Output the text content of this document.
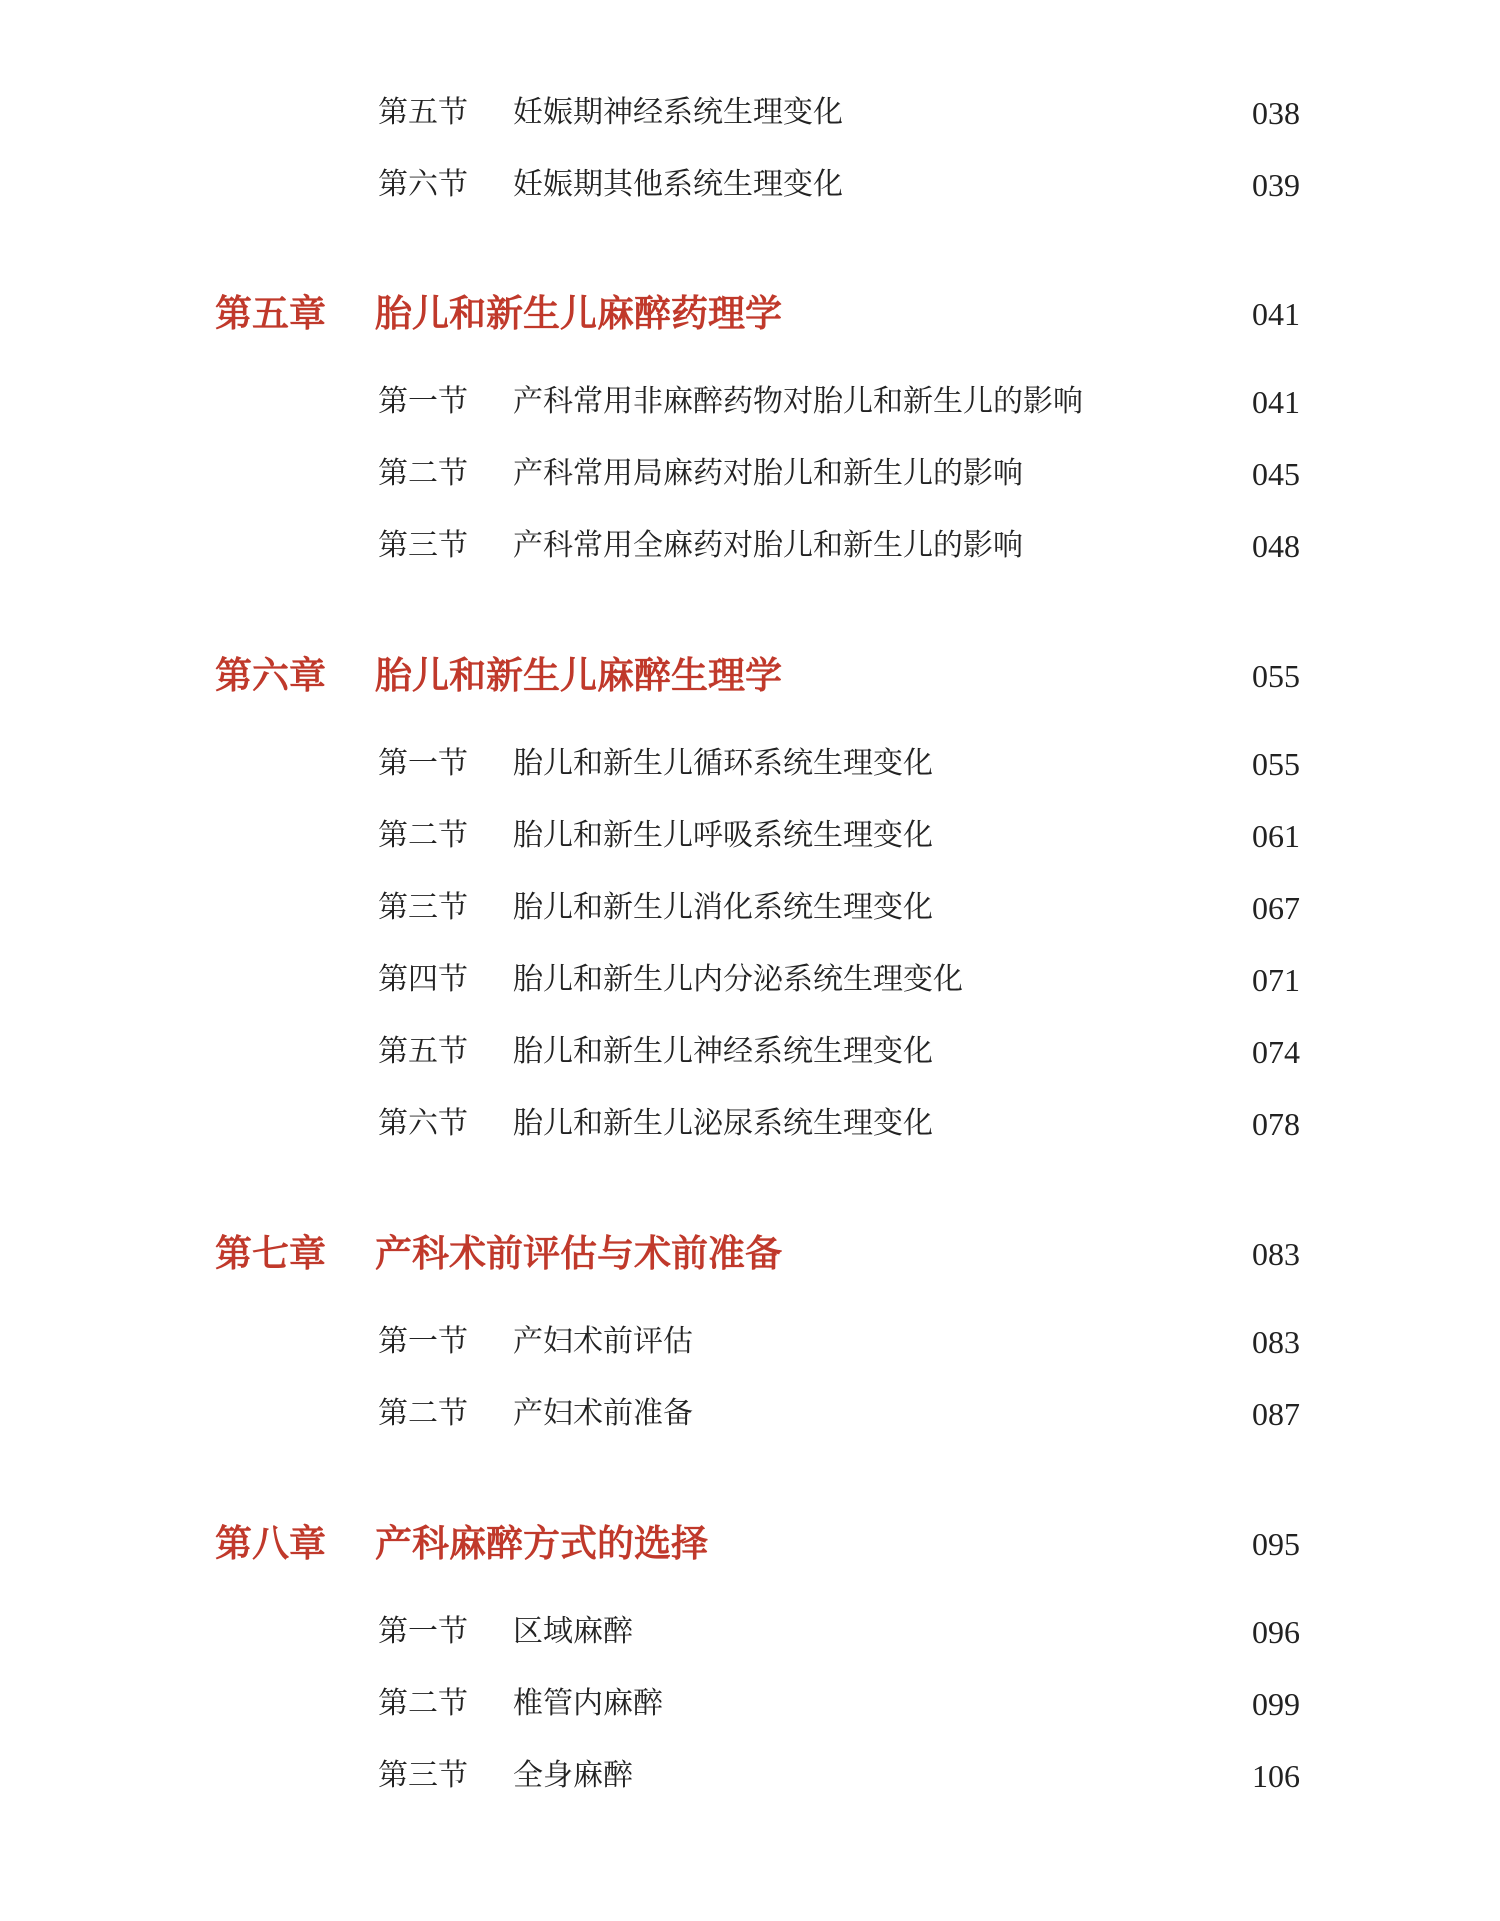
第五节 妊娠期神经系统生理变化	038
第六节 妊娠期其他系统生理变化	039
第五章 胎儿和新生儿麻醉药理学	041
第一节 产科常用非麻醉药物对胎儿和新生儿的影响	041
第二节 产科常用局麻药对胎儿和新生儿的影响	045
第三节 产科常用全麻药对胎儿和新生儿的影响	048
第六章 胎儿和新生儿麻醉生理学	055
第一节 胎儿和新生儿循环系统生理变化	055
第二节 胎儿和新生儿呼吸系统生理变化	061
第三节 胎儿和新生儿消化系统生理变化	067
第四节 胎儿和新生儿内分泌系统生理变化	071
第五节 胎儿和新生儿神经系统生理变化	074
第六节 胎儿和新生儿泌尿系统生理变化	078
第七章 产科术前评估与术前准备	083
第一节 产妇术前评估	083
第二节 产妇术前准备	087
第八章 产科麻醉方式的选择	095
第一节 区域麻醉	096
第二节 椎管内麻醉	099
第三节 全身麻醉	106
